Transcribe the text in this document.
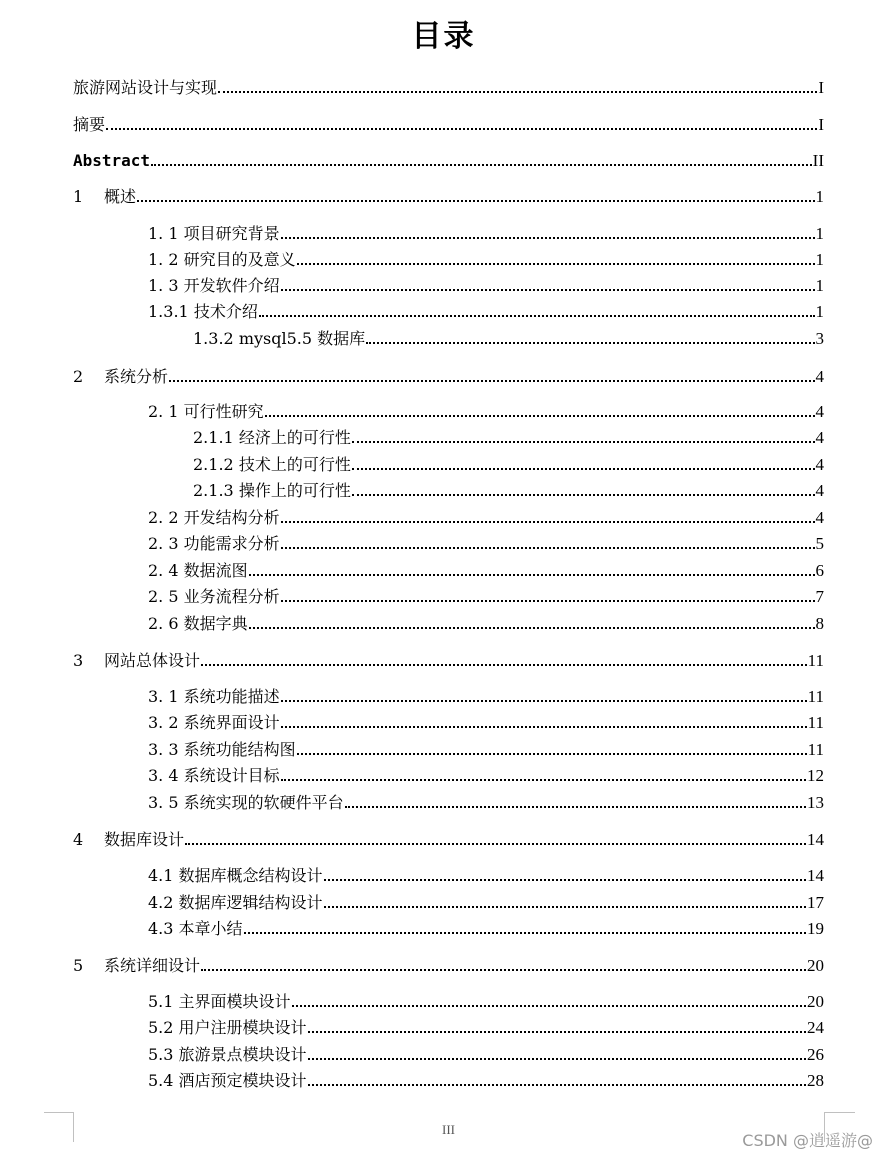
目录
旅游网站设计与实现	I
摘要	I
Abstract	II
1 概述	1
1. 1 项目研究背景	1
1. 2 研究目的及意义	1
1. 3 开发软件介绍	1
1.3.1 技术介绍	1
1.3.2 mysql5.5 数据库	3
2 系统分析	4
2. 1 可行性研究	4
2.1.1 经济上的可行性	4
2.1.2 技术上的可行性	4
2.1.3 操作上的可行性	4
2. 2 开发结构分析	4
2. 3 功能需求分析	5
2. 4 数据流图	6
2. 5 业务流程分析	7
2. 6 数据字典	8
3 网站总体设计	11
3. 1 系统功能描述	11
3. 2 系统界面设计	11
3. 3 系统功能结构图	11
3. 4 系统设计目标	12
3. 5 系统实现的软硬件平台	13
4 数据库设计	14
4.1 数据库概念结构设计	14
4.2 数据库逻辑结构设计	17
4.3 本章小结	19
5 系统详细设计	20
5.1 主界面模块设计	20
5.2 用户注册模块设计	24
5.3 旅游景点模块设计	26
5.4 酒店预定模块设计	28
III
CSDN @逍遥游@
